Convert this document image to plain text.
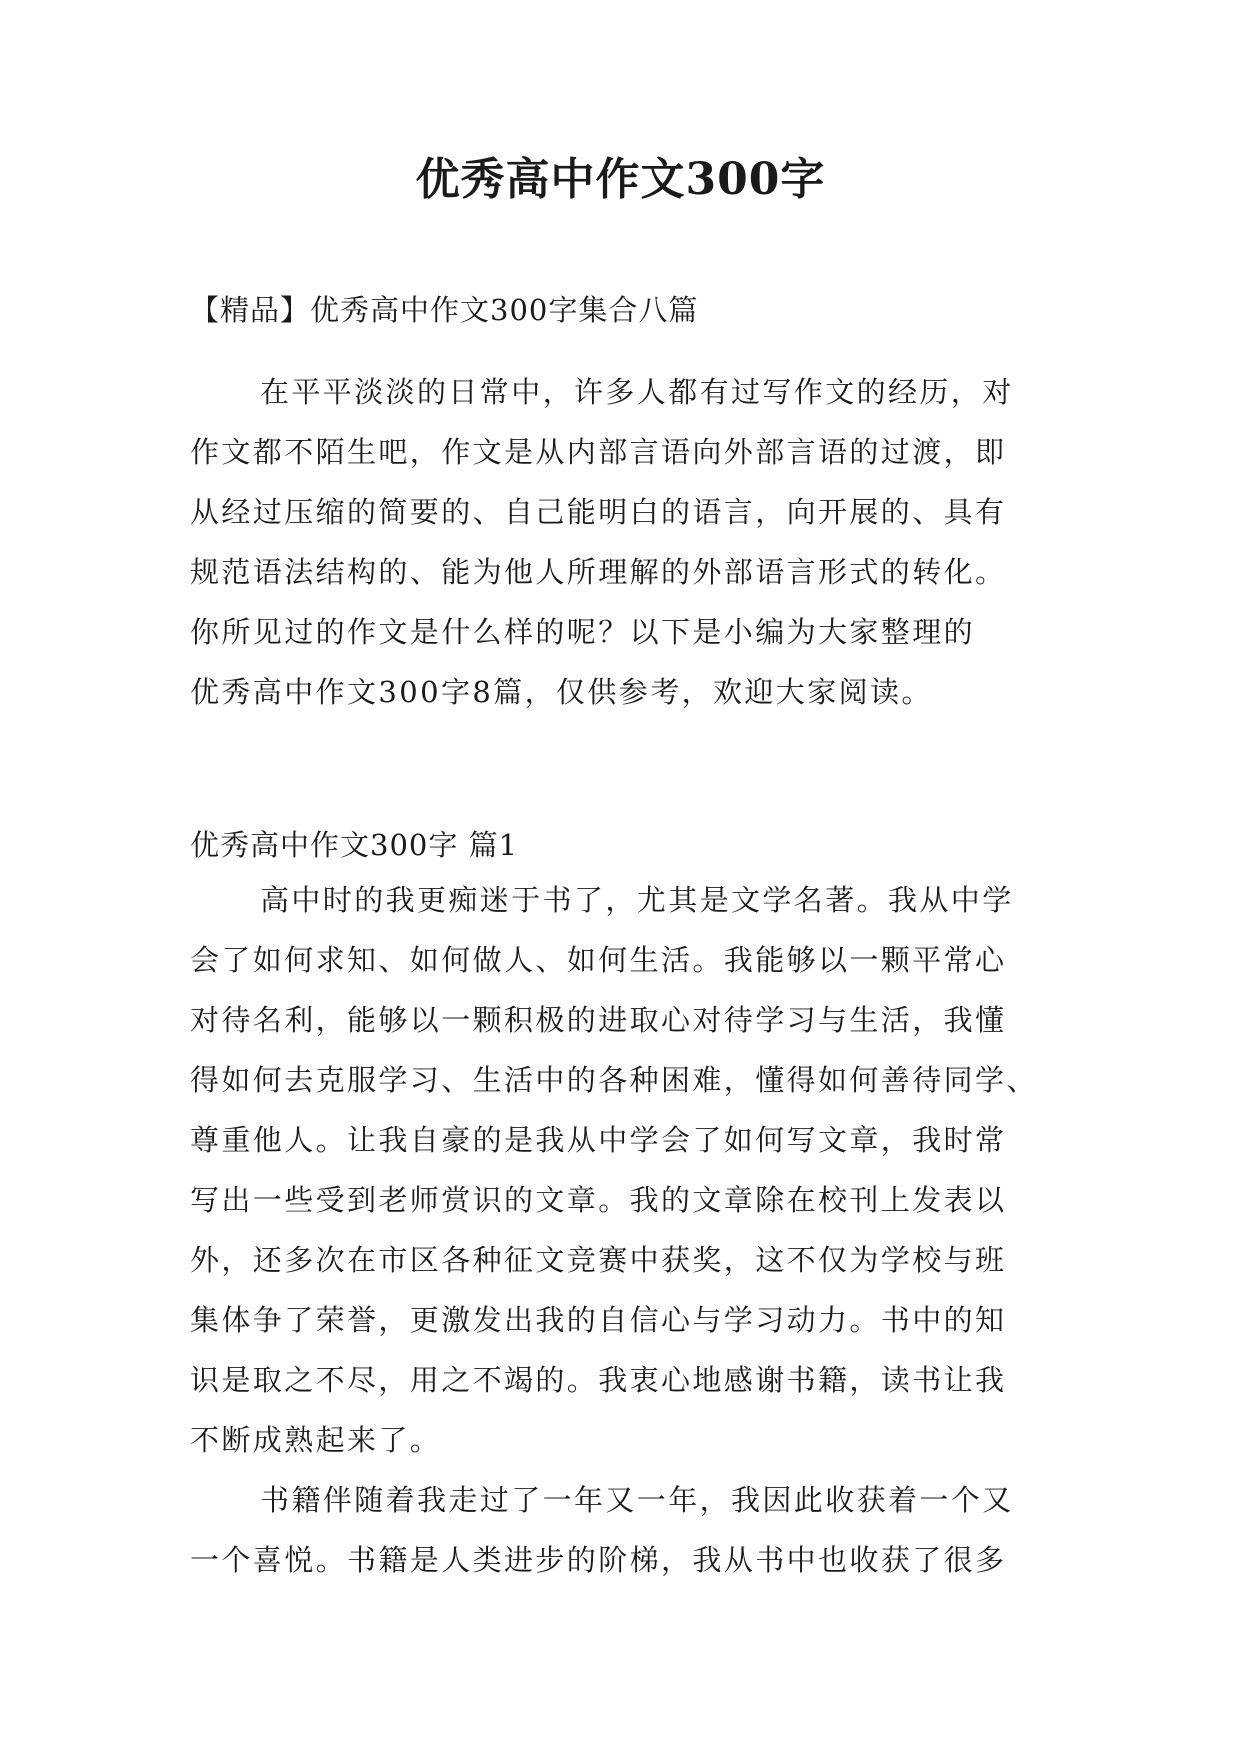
优秀高中作文300字
【精品】优秀高中作文300字集合八篇
在平平淡淡的日常中，许多人都有过写作文的经历，对
作文都不陌生吧，作文是从内部言语向外部言语的过渡，即
从经过压缩的简要的、自己能明白的语言，向开展的、具有
规范语法结构的、能为他人所理解的外部语言形式的转化。
你所见过的作文是什么样的呢？以下是小编为大家整理的
优秀高中作文300字8篇，仅供参考，欢迎大家阅读。
优秀高中作文300字 篇1
高中时的我更痴迷于书了，尤其是文学名著。我从中学
会了如何求知、如何做人、如何生活。我能够以一颗平常心
对待名利，能够以一颗积极的进取心对待学习与生活，我懂
得如何去克服学习、生活中的各种困难，懂得如何善待同学、
尊重他人。让我自豪的是我从中学会了如何写文章，我时常
写出一些受到老师赏识的文章。我的文章除在校刊上发表以
外，还多次在市区各种征文竞赛中获奖，这不仅为学校与班
集体争了荣誉，更激发出我的自信心与学习动力。书中的知
识是取之不尽，用之不竭的。我衷心地感谢书籍，读书让我
不断成熟起来了。
书籍伴随着我走过了一年又一年，我因此收获着一个又
一个喜悦。书籍是人类进步的阶梯，我从书中也收获了很多
